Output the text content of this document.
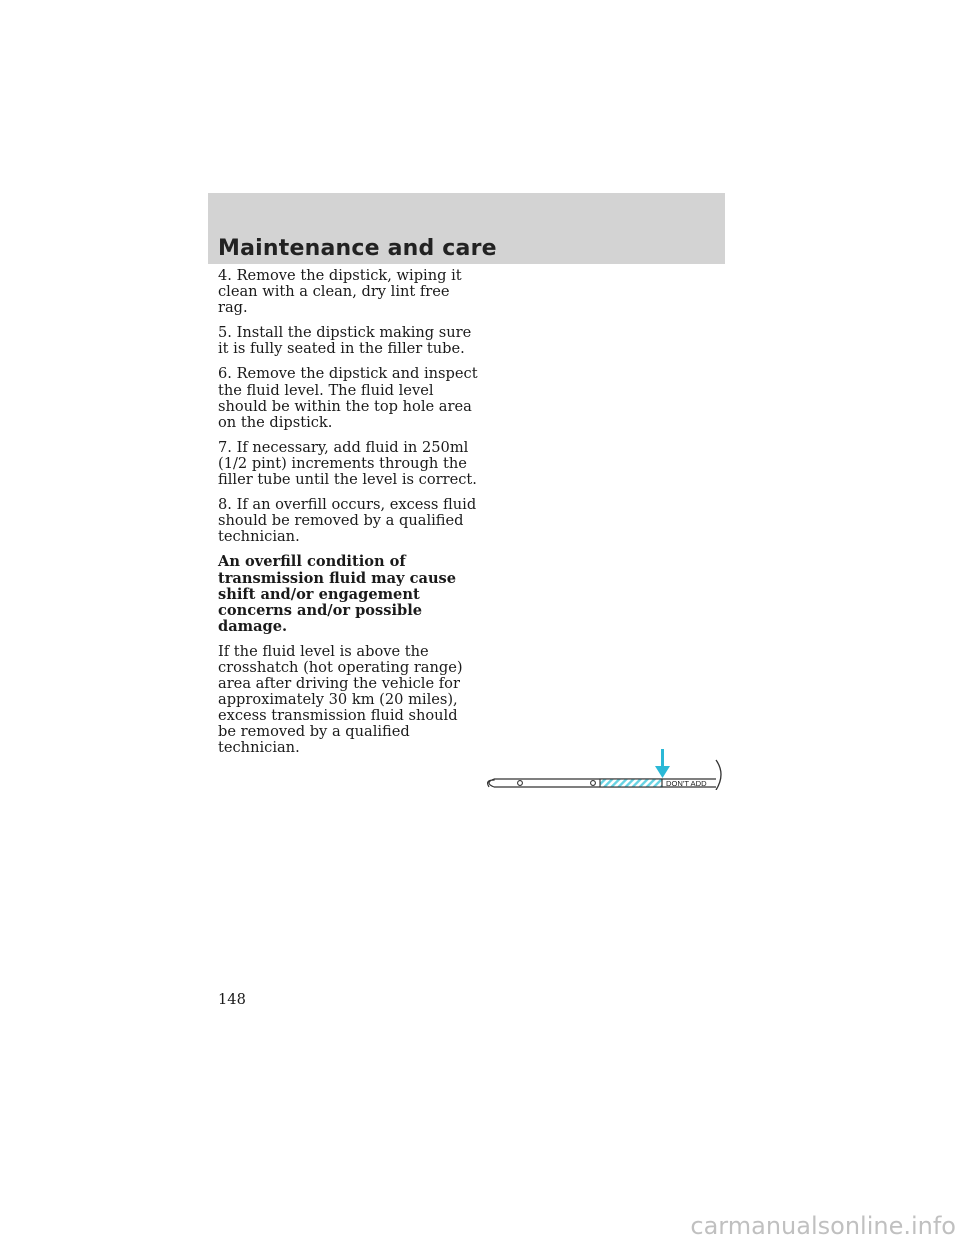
Maintenance and care

4. Remove the dipstick, wiping it clean with a clean, dry lint free rag.

5. Install the dipstick making sure it is fully seated in the filler tube.

6. Remove the dipstick and inspect the fluid level. The fluid level should be within the top hole area on the dipstick.

7. If necessary, add fluid in 250ml (1/2 pint) increments through the filler tube until the level is correct.

8. If an overfill occurs, excess fluid should be removed by a qualified technician.

An overfill condition of transmission fluid may cause shift and/or engagement concerns and/or possible damage.

If the fluid level is above the crosshatch (hot operating range) area after driving the vehicle for approximately 30 km (20 miles), excess transmission fluid should be removed by a qualified technician.

DON'T ADD
148
carmanualsonline.info
